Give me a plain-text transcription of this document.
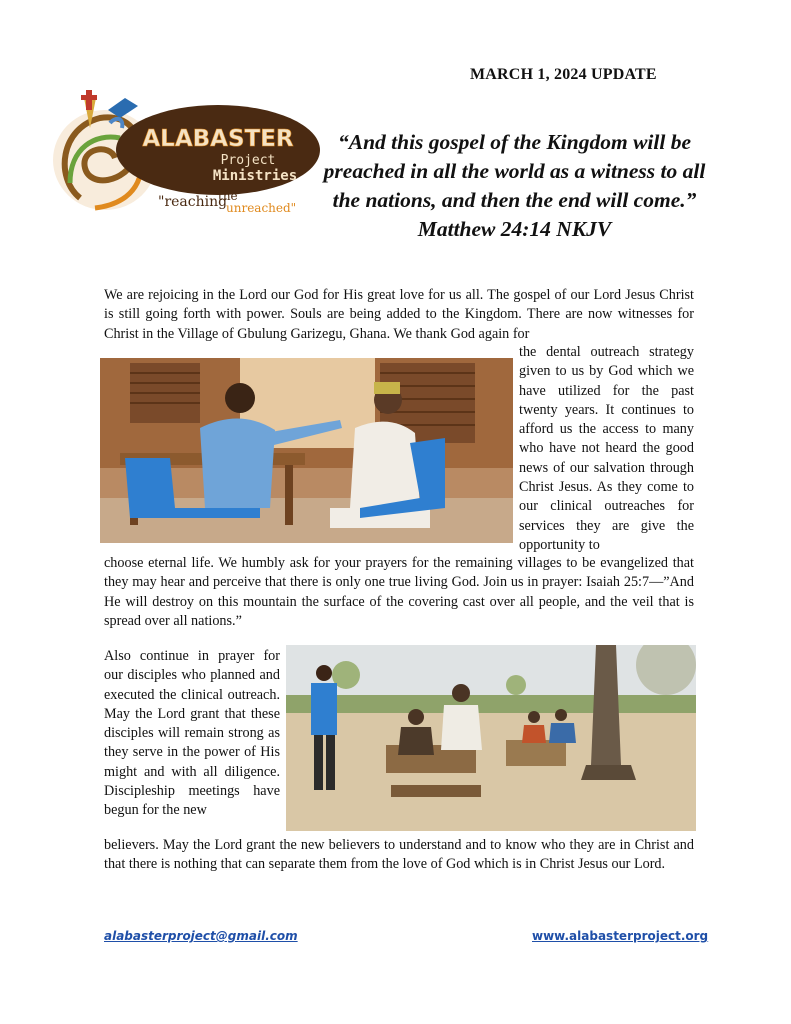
MARCH 1, 2024 UPDATE
ALABASTER
Project
Ministries
"reaching
the
unreached"
“And this gospel of the Kingdom will be preached in all the world as a witness to all the nations, and then the end will come.” Matthew 24:14 NKJV
We are rejoicing in the Lord our God for His great love for us all. The gospel of our Lord Jesus Christ is still going forth with power. Souls are being added to the Kingdom. There are now witnesses for Christ in the Village of Gbulung Garizegu, Ghana. We thank God again for
the dental outreach strategy given to us by God which we have utilized for the past twenty years. It continues to afford us the access to many who have not heard the good news of our salvation through Christ Jesus. As they come to our clinical outreaches for services they are give the opportunity to
choose eternal life. We humbly ask for your prayers for the remaining villages to be evangelized that they may hear and perceive that there is only one true living God. Join us in prayer: Isaiah 25:7—”And He will destroy on this mountain the surface of the covering cast over all people, and the veil that is spread over all nations.”
Also continue in prayer for our disciples who planned and executed the clinical outreach. May the Lord grant that these disciples will remain strong as they serve in the power of His might and with all diligence. Discipleship meetings have begun for the new
believers. May the Lord grant the new believers to understand and to know who they are in Christ and that there is nothing that can separate them from the love of God which is in Christ Jesus our Lord.
alabasterproject@gmail.com	www.alabasterproject.org
